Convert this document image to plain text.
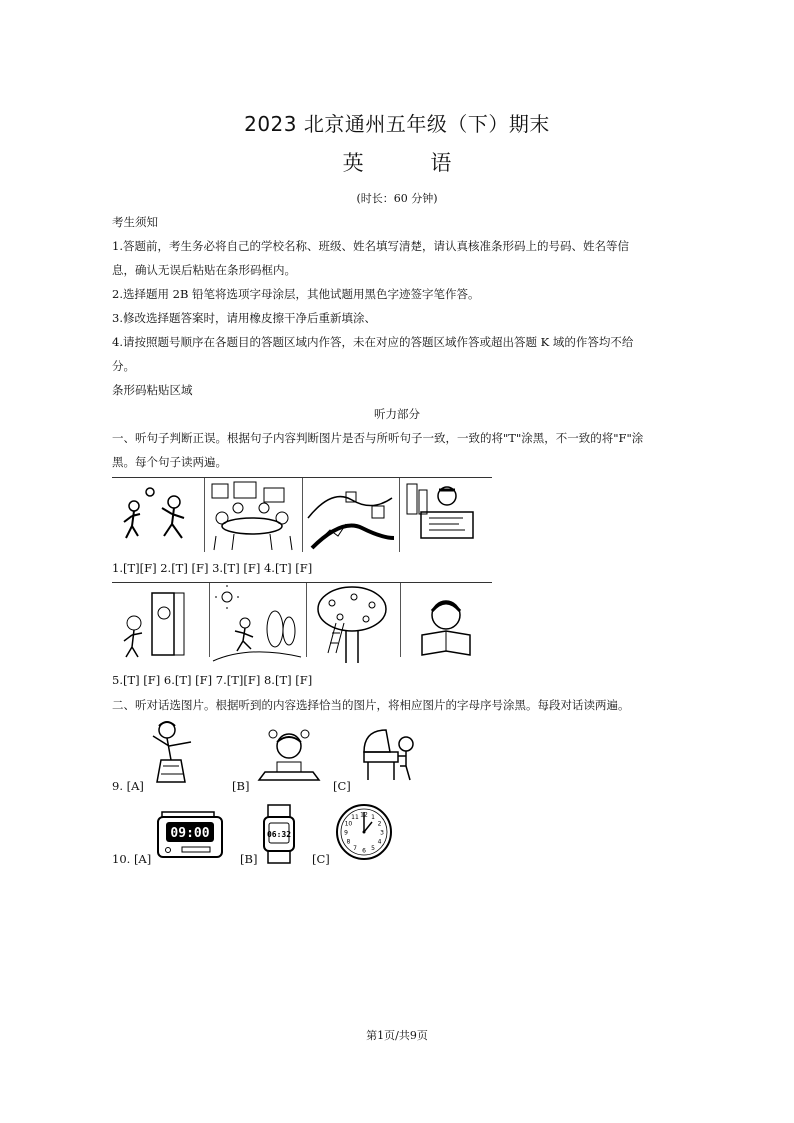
2023 北京通州五年级（下）期末
英 语
(时长：60 分钟)
考生须知
1.答题前，考生务必将自己的学校名称、班级、姓名填写清楚，请认真核准条形码上的号码、姓名等信
息，确认无误后粘贴在条形码框内。
2.选择题用 2B 铅笔将选项字母涂层，其他试题用黑色字迹签字笔作答。
3.修改选择题答案时，请用橡皮擦干净后重新填涂、
4.请按照题号顺序在各题目的答题区域内作答，未在对应的答题区域作答或超出答题 K 域的作答均不给
分。
条形码粘贴区域
听力部分
一、听句子判断正误。根据句子内容判断图片是否与所听句子一致，一致的将"T"涂黑，不一致的将"F"涂
黑。每个句子读两遍。
1.[T][F] 2.[T] [F] 3.[T] [F] 4.[T] [F]
5.[T] [F] 6.[T] [F] 7.[T][F] 8.[T] [F]
二、听对话选图片。根据听到的内容选择恰当的图片，将相应图片的字母序号涂黑。每段对话读两遍。
9. [A]	[B]	[C]
09:00	06:32
1
2
3
4
5
6
7
8
9
10
11 12
10. [A]	[B]	[C]
第1页/共9页
